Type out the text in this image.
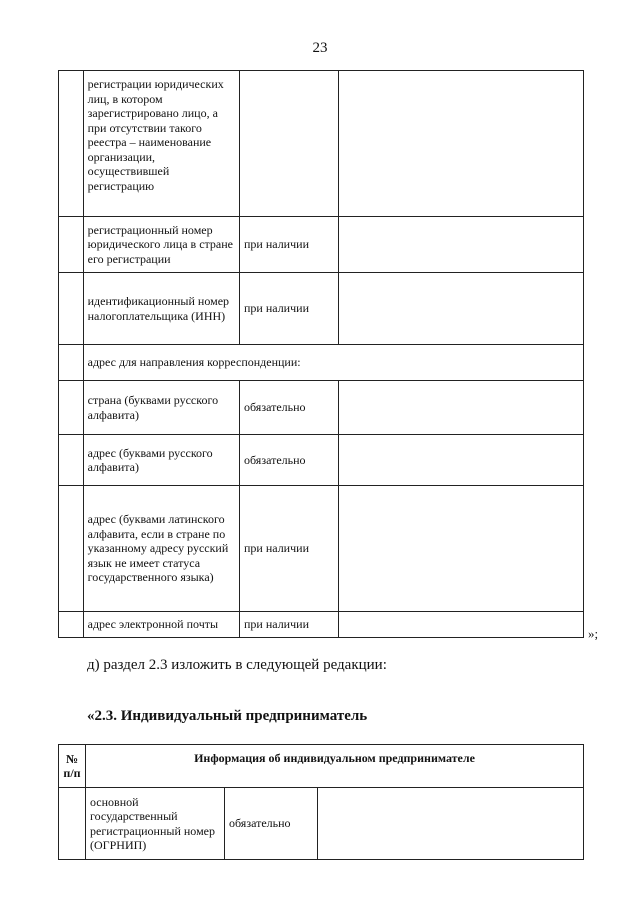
23
	регистрации юридических лиц, в котором зарегистрировано лицо, а при отсутствии такого реестра – наименование организации, осуществившей регистрацию		
	регистрационный номер юридического лица в стране его регистрации	при наличии	
	идентификационный номер налогоплательщика (ИНН)	при наличии	
	адрес для направления корреспонденции:		
	страна (буквами русского алфавита)	обязательно	
	адрес (буквами русского алфавита)	обязательно	
	адрес (буквами латинского алфавита, если в стране по указанному адресу русский язык не имеет статуса государственного языка)	при наличии	
	адрес электронной почты	при наличии	
»;
д) раздел 2.3 изложить в следующей редакции:
«2.3. Индивидуальный предприниматель
№ п/п	Информация об индивидуальном предпринимателе		
	основной государственный регистрационный номер (ОГРНИП)	обязательно	
